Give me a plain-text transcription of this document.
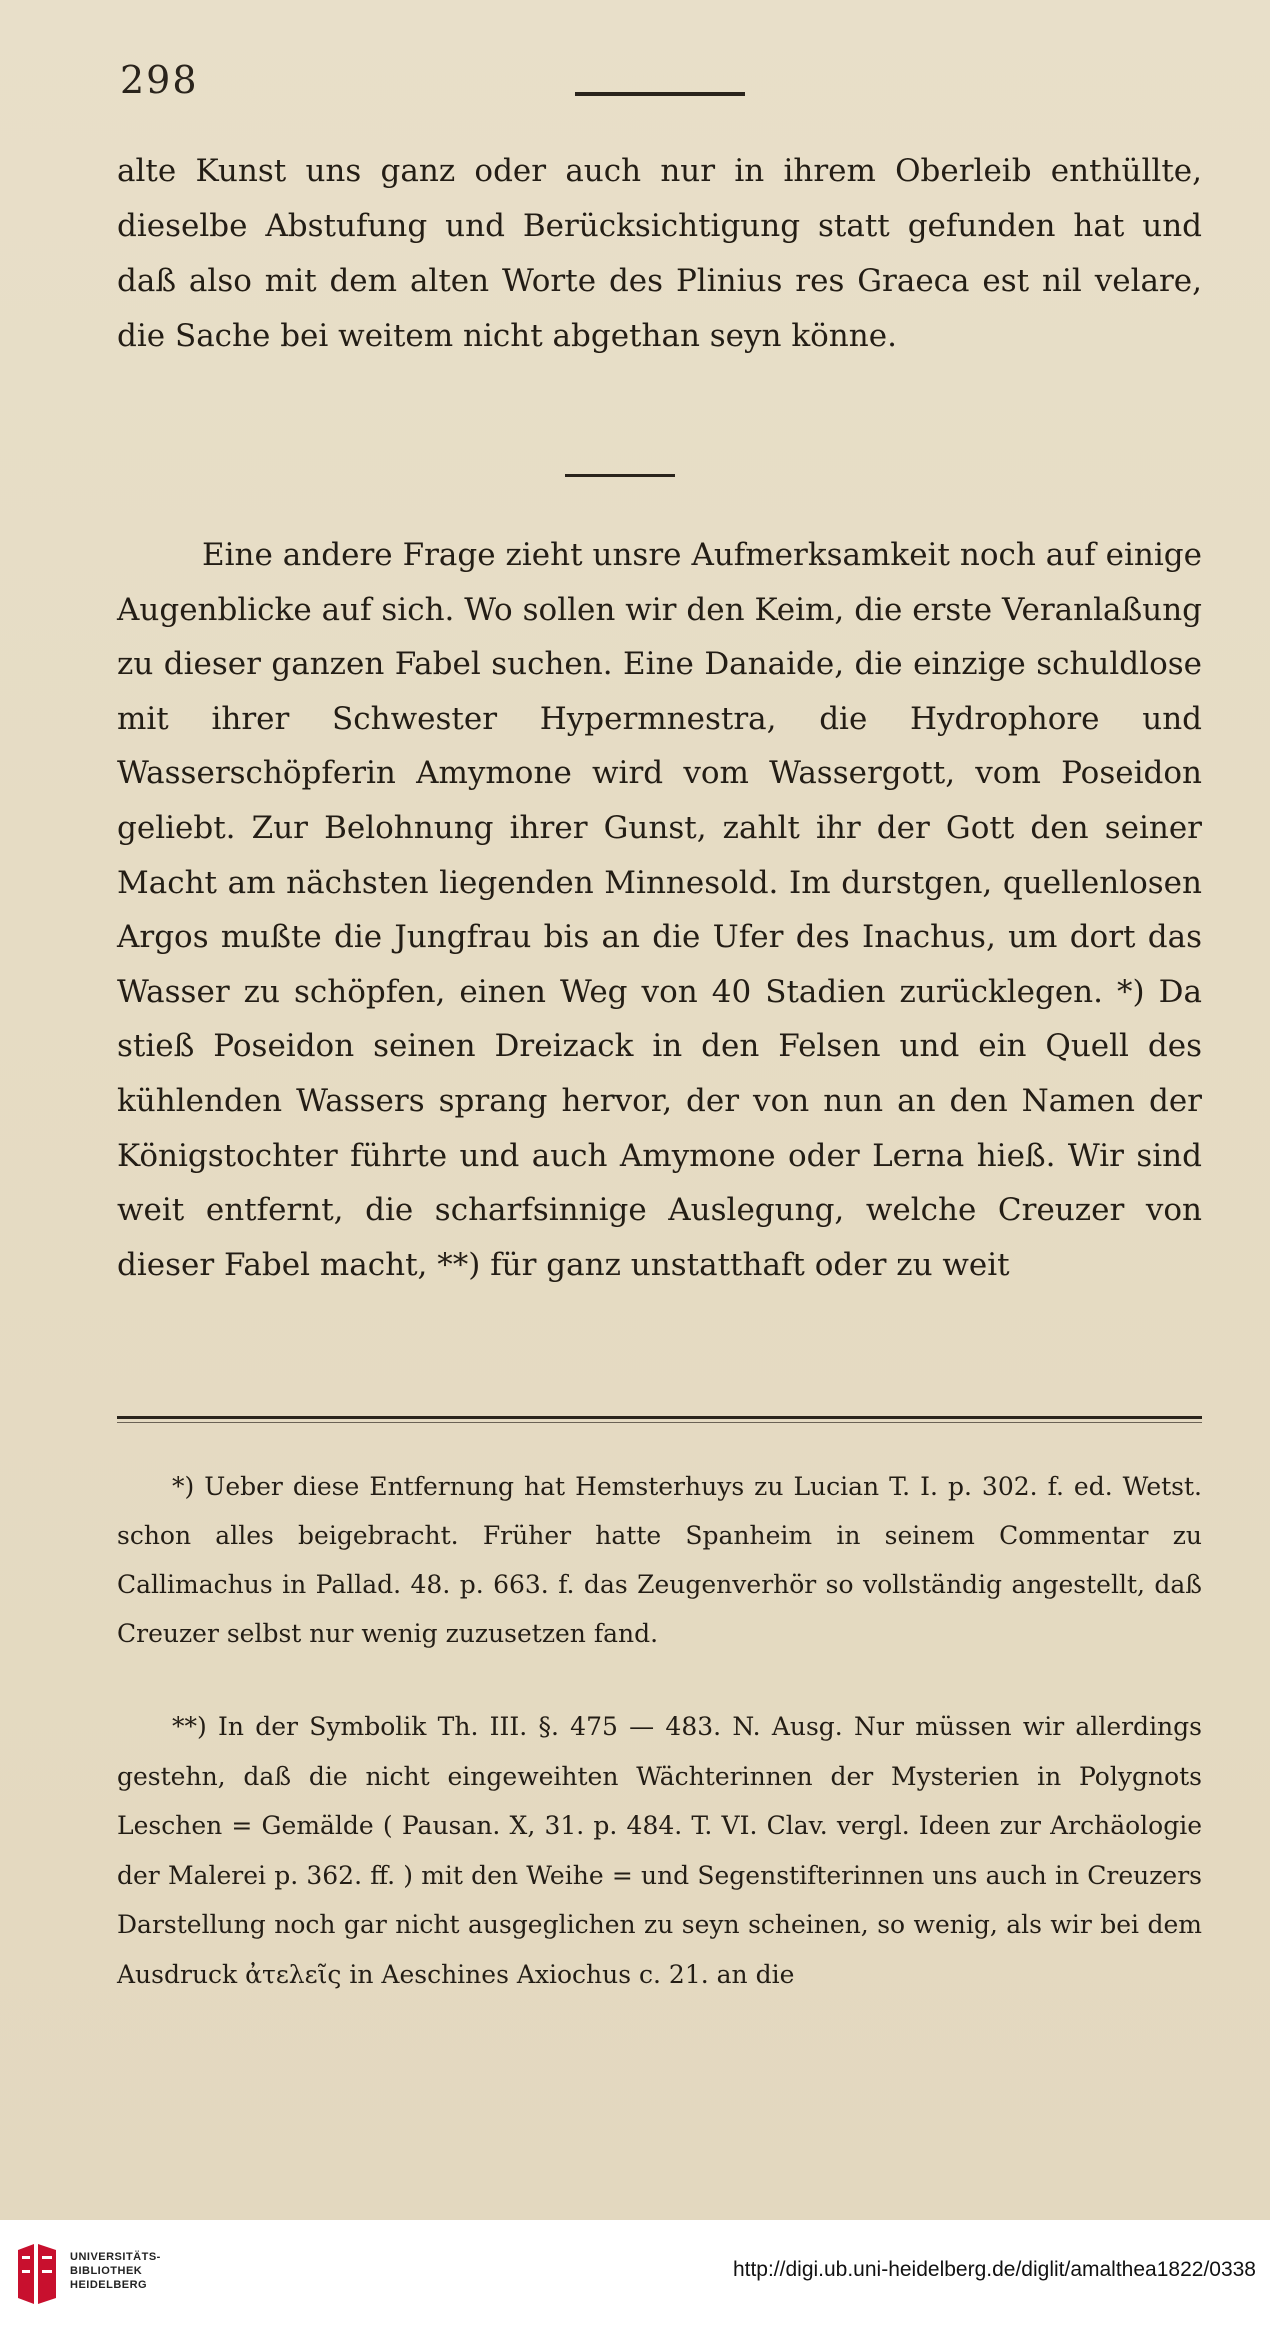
298
alte Kunst uns ganz oder auch nur in ihrem Oberleib enthüllte, dieselbe Abstufung und Berücksichtigung statt gefunden hat und daß also mit dem alten Worte des Plinius res Graeca est nil velare, die Sache bei weitem nicht abgethan seyn könne.
Eine andere Frage zieht unsre Aufmerksamkeit noch auf einige Augenblicke auf sich. Wo sollen wir den Keim, die erste Veranlaßung zu dieser ganzen Fabel suchen. Eine Danaide, die einzige schuldlose mit ihrer Schwester Hypermnestra, die Hydrophore und Wasserschöpferin Amymone wird vom Wassergott, vom Poseidon geliebt. Zur Belohnung ihrer Gunst, zahlt ihr der Gott den seiner Macht am nächsten liegenden Minnesold. Im durstgen, quellenlosen Argos mußte die Jungfrau bis an die Ufer des Inachus, um dort das Wasser zu schöpfen, einen Weg von 40 Stadien zurücklegen. *) Da stieß Poseidon seinen Dreizack in den Felsen und ein Quell des kühlenden Wassers sprang hervor, der von nun an den Namen der Königstochter führte und auch Amymone oder Lerna hieß. Wir sind weit entfernt, die scharfsinnige Auslegung, welche Creuzer von dieser Fabel macht, **) für ganz unstatthaft oder zu weit
*) Ueber diese Entfernung hat Hemsterhuys zu Lucian T. I. p. 302. f. ed. Wetst. schon alles beigebracht. Früher hatte Spanheim in seinem Commentar zu Callimachus in Pallad. 48. p. 663. f. das Zeugenverhör so vollständig angestellt, daß Creuzer selbst nur wenig zuzusetzen fand.
**) In der Symbolik Th. III. §. 475 — 483. N. Ausg. Nur müssen wir allerdings gestehn, daß die nicht eingeweihten Wächterinnen der Mysterien in Polygnots Leschen = Gemälde ( Pausan. X, 31. p. 484. T. VI. Clav. vergl. Ideen zur Archäologie der Malerei p. 362. ff. ) mit den Weihe = und Segenstifterinnen uns auch in Creuzers Darstellung noch gar nicht ausgeglichen zu seyn scheinen, so wenig, als wir bei dem Ausdruck ἀτελεῖς in Aeschines Axiochus c. 21. an die
UNIVERSITÄTS-
BIBLIOTHEK
HEIDELBERG
http://digi.ub.uni-heidelberg.de/diglit/amalthea1822/0338
